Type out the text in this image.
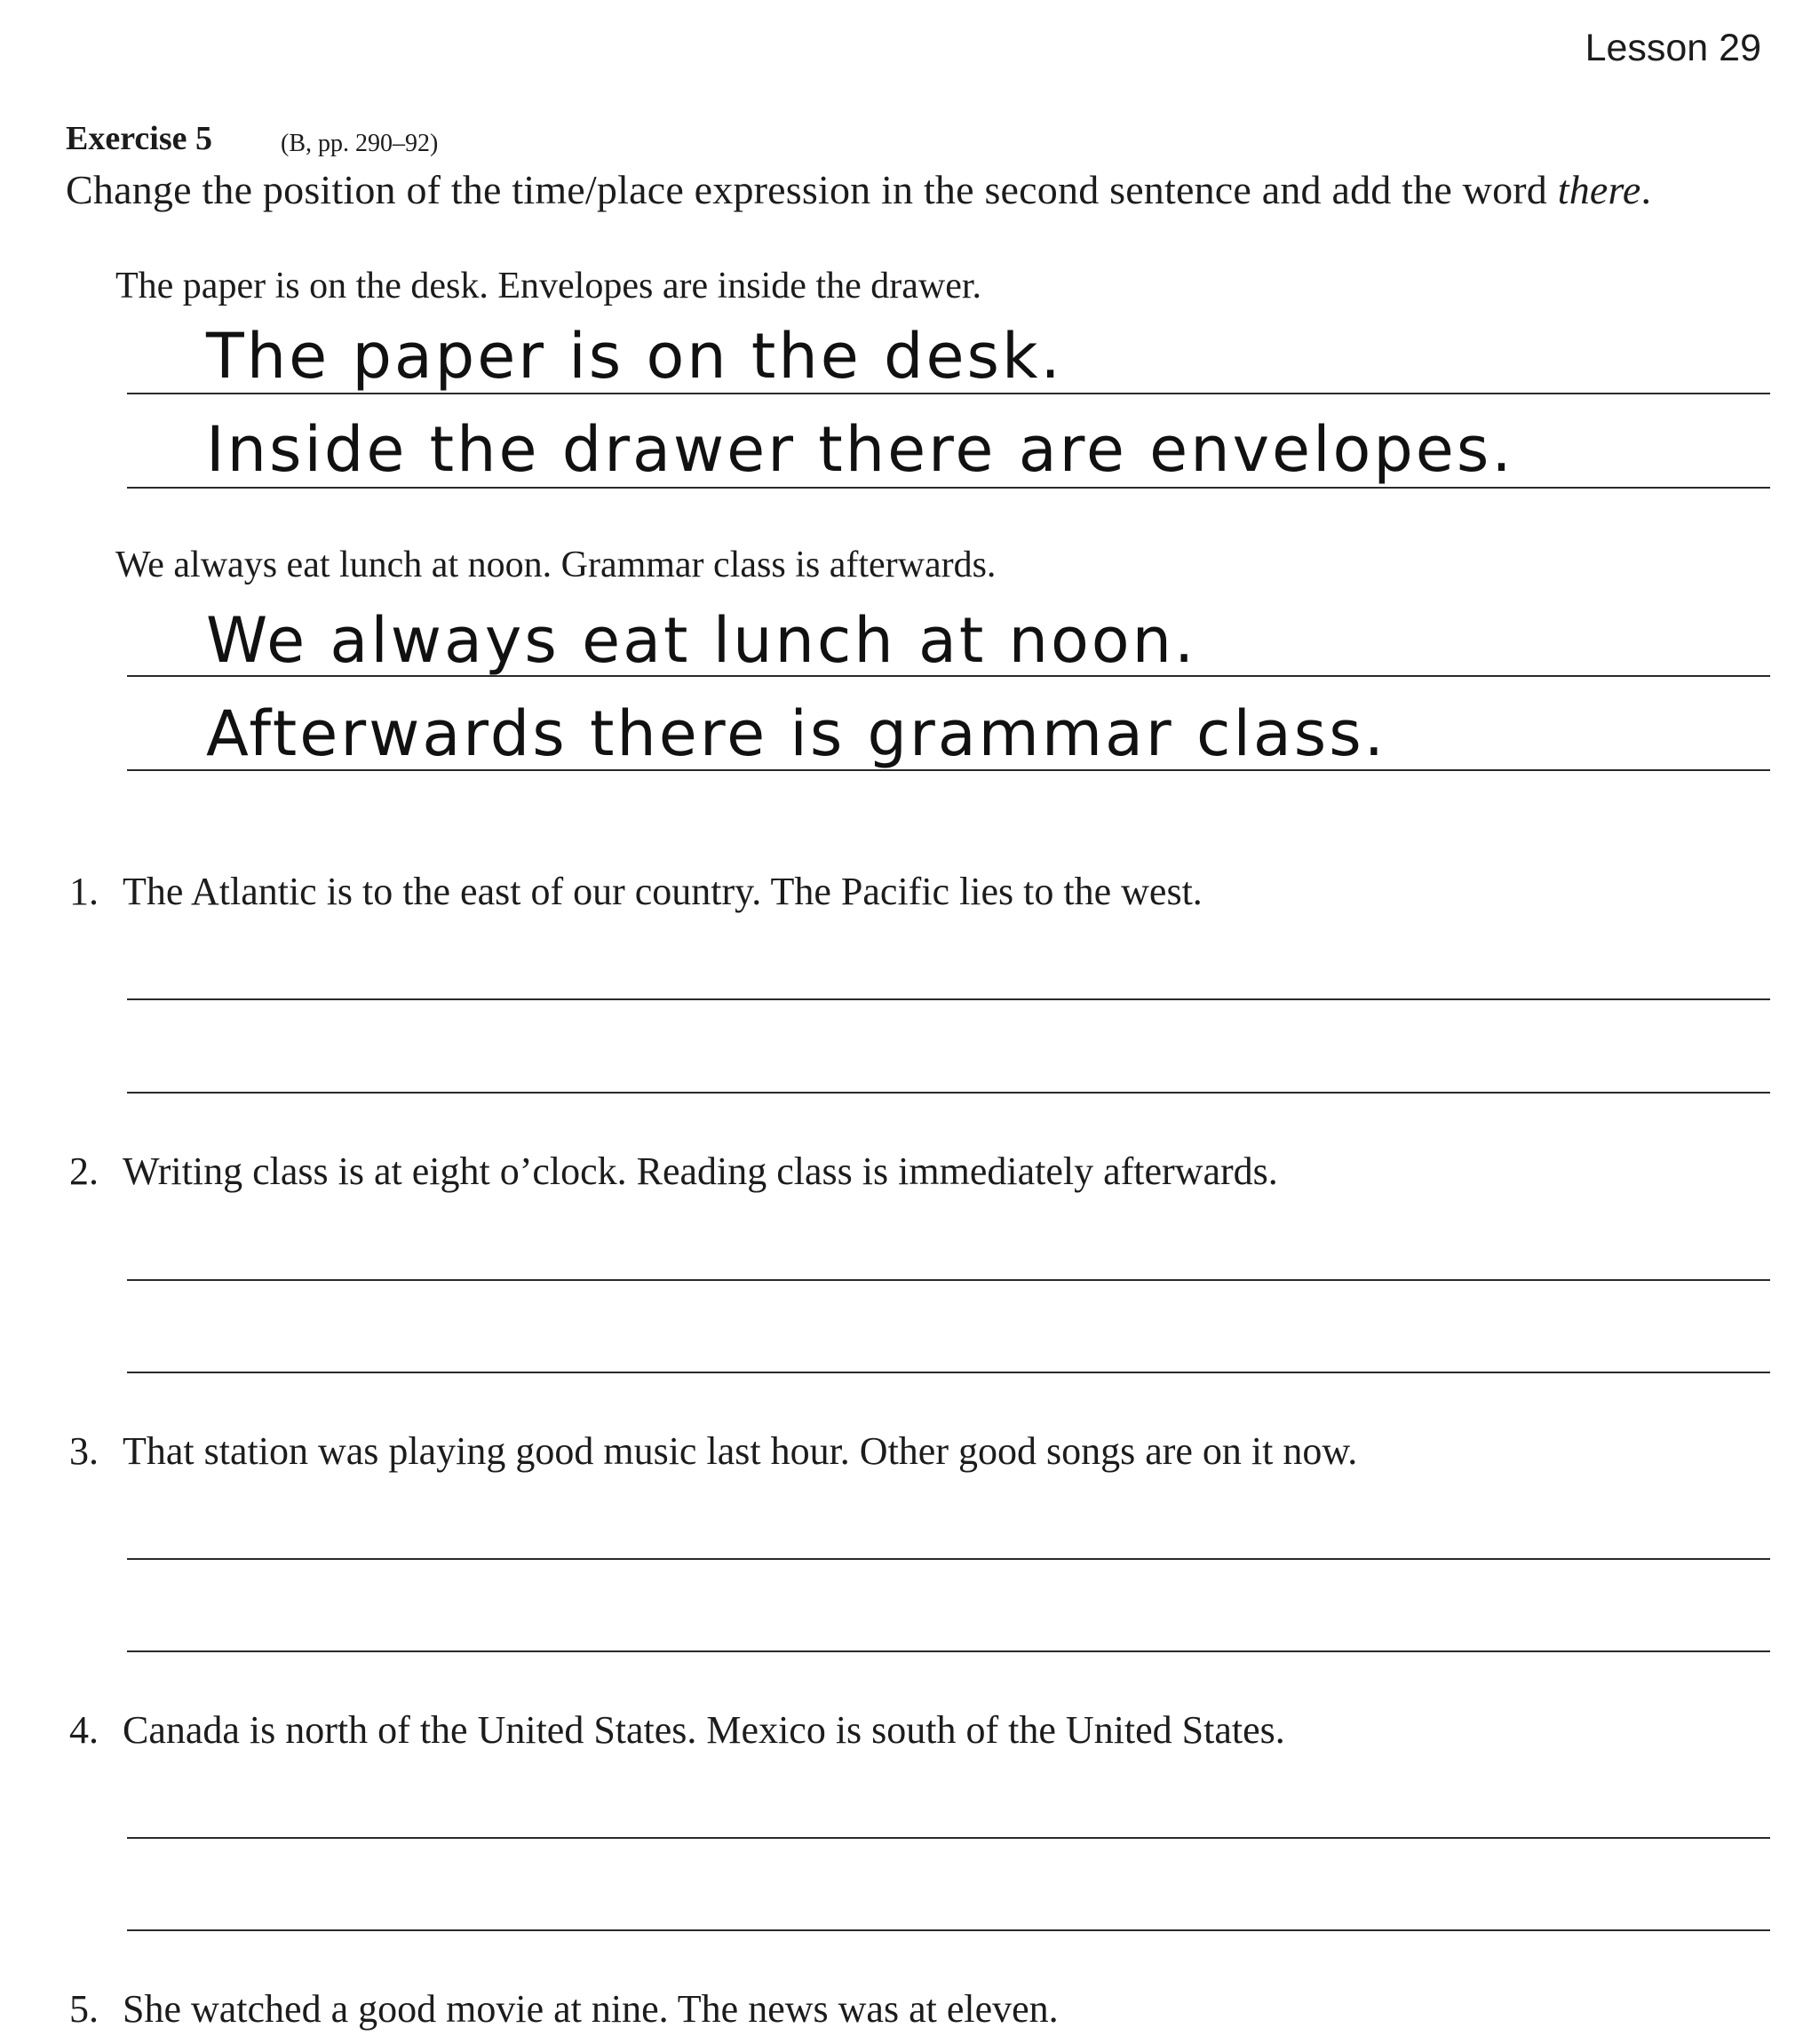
Lesson 29
Exercise 5	(B, pp. 290–92)
Change the position of the time/place expression in the second sentence and add the word there.
The paper is on the desk. Envelopes are inside the drawer.
The paper is on the desk.
Inside the drawer there are envelopes.
We always eat lunch at noon. Grammar class is afterwards.
We always eat lunch at noon.
Afterwards there is grammar class.
1. The Atlantic is to the east of our country. The Pacific lies to the west.
2. Writing class is at eight o’clock. Reading class is immediately afterwards.
3. That station was playing good music last hour. Other good songs are on it now.
4. Canada is north of the United States. Mexico is south of the United States.
5. She watched a good movie at nine. The news was at eleven.
